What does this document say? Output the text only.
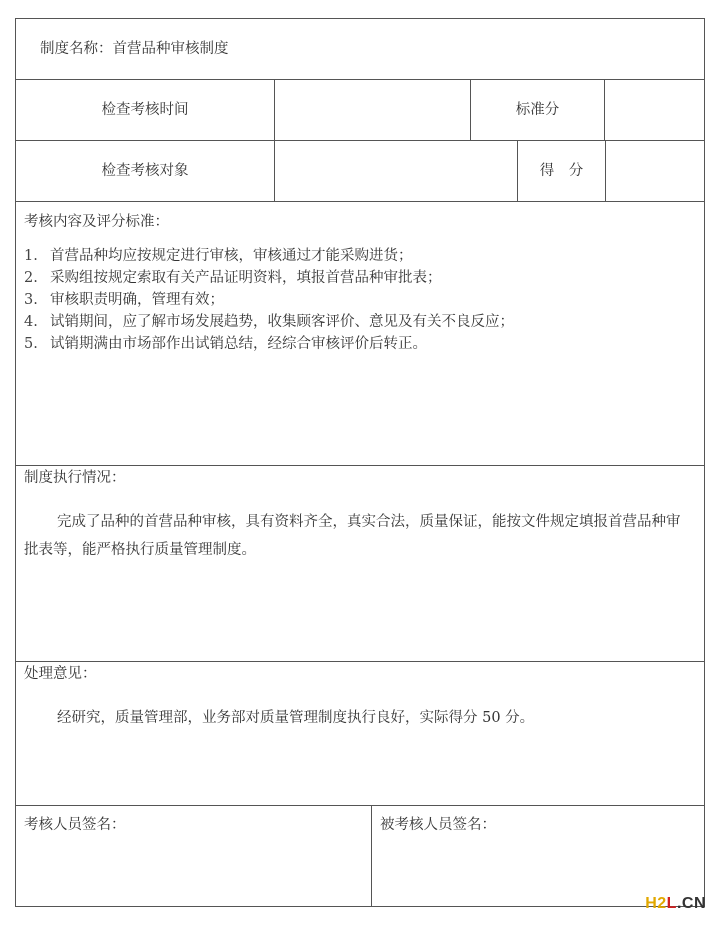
制度名称：首营品种审核制度
检查考核时间	标准分
检查考核对象	得　分
考核内容及评分标准：
1. 首营品种均应按规定进行审核，审核通过才能采购进货；
2. 采购组按规定索取有关产品证明资料，填报首营品种审批表；
3. 审核职责明确，管理有效；
4. 试销期间，应了解市场发展趋势，收集顾客评价、意见及有关不良反应；
5. 试销期满由市场部作出试销总结，经综合审核评价后转正。
制度执行情况：
完成了品种的首营品种审核，具有资料齐全，真实合法，质量保证，能按文件规定填报首营品种审批表等，能严格执行质量管理制度。
处理意见：
经研究，质量管理部，业务部对质量管理制度执行良好，实际得分 50 分。
考核人员签名：	被考核人员签名：
H2L.CN
